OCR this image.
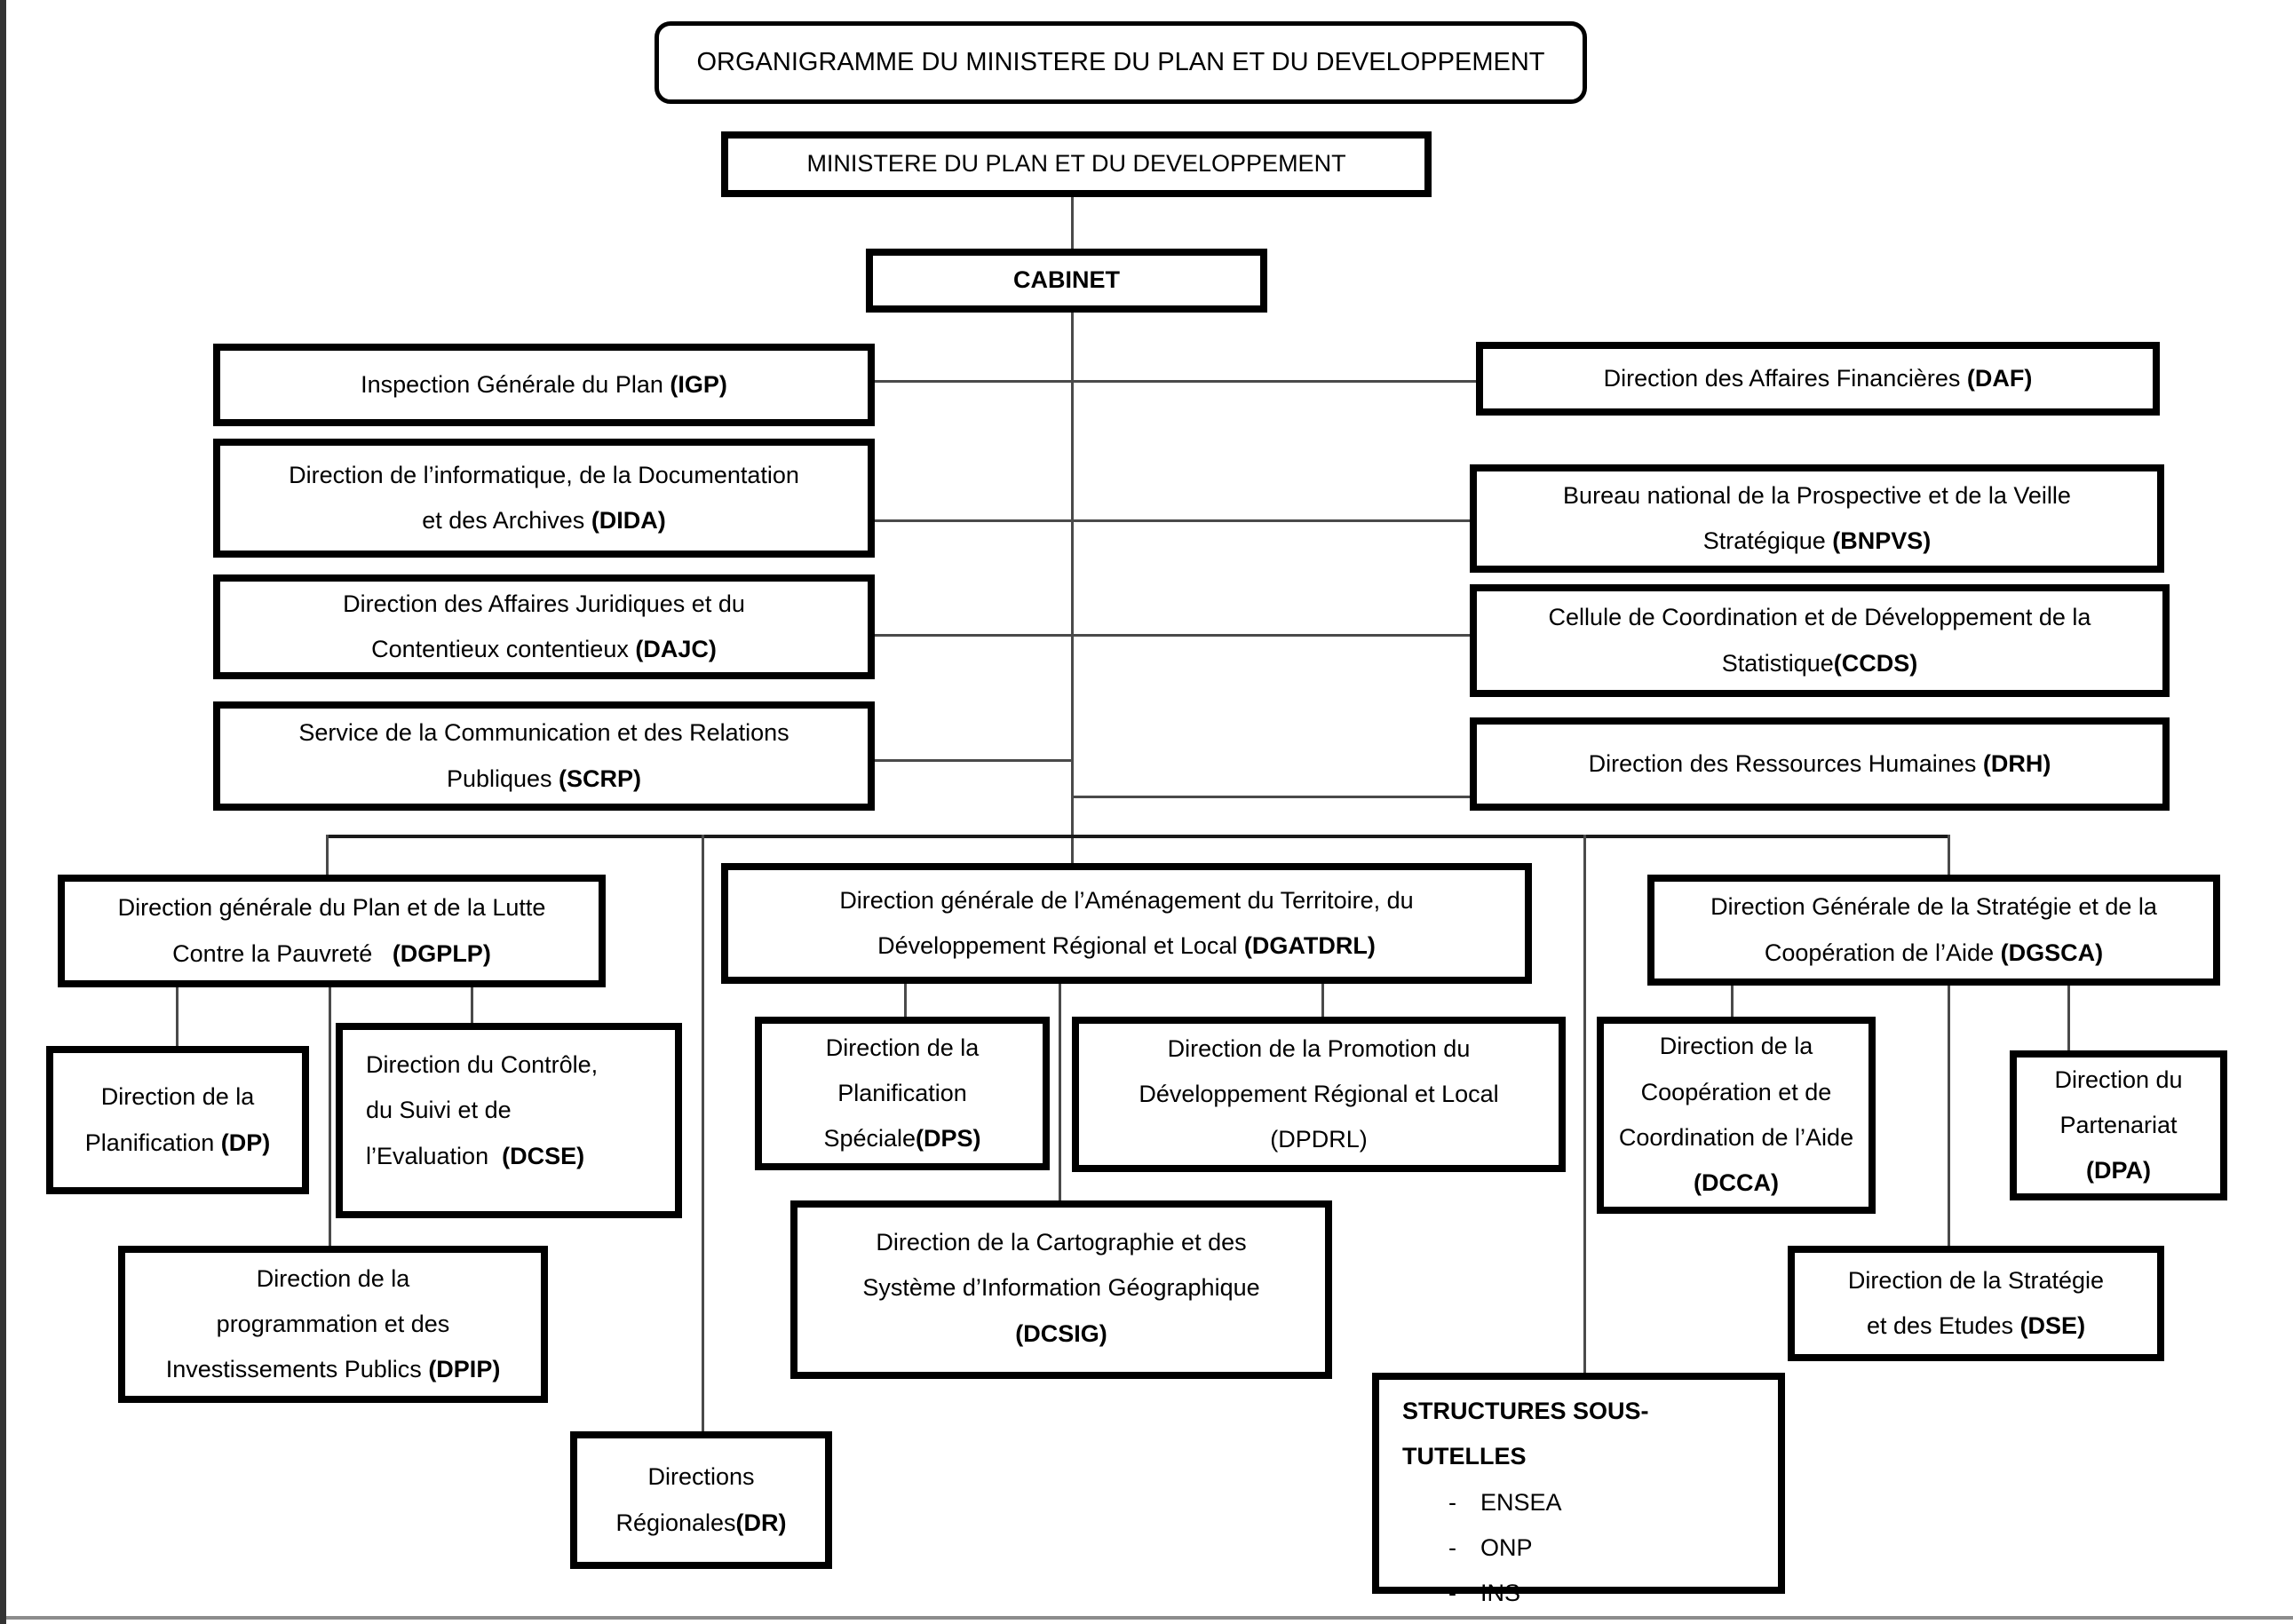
ORGANIGRAMME DU MINISTERE DU PLAN ET DU DEVELOPPEMENT
MINISTERE DU PLAN ET DU DEVELOPPEMENT
CABINET
Inspection Générale du Plan (IGP)
Direction de l’informatique, de la Documentation
et des Archives (DIDA)
Direction des Affaires Juridiques et du
Contentieux contentieux (DAJC)
Service de la Communication et des Relations
Publiques (SCRP)
Direction des Affaires Financières (DAF)
Bureau national de la Prospective et de la Veille
Stratégique (BNPVS)
Cellule de Coordination et de Développement de la
Statistique(CCDS)
Direction des Ressources Humaines (DRH)
Direction générale du Plan et de la Lutte
Contre la Pauvreté   (DGPLP)
Direction générale de l’Aménagement du Territoire, du
Développement Régional et Local (DGATDRL)
Direction Générale de la Stratégie et de la
Coopération de l’Aide (DGSCA)
Direction de la
Planification (DP)
Direction du Contrôle,
du Suivi et de
l’Evaluation  (DCSE)
Direction de la
programmation et des
Investissements Publics (DPIP)
Directions
Régionales(DR)
Direction de la
Planification
Spéciale(DPS)
Direction de la Promotion du
Développement Régional et Local
(DPDRL)
Direction de la Cartographie et des
Système d’Information Géographique
(DCSIG)
Direction de la
Coopération et de
Coordination de l’Aide
(DCCA)
Direction du
Partenariat
(DPA)
Direction de la Stratégie
et des Etudes (DSE)
STRUCTURES SOUS-TUTELLES
- ENSEA
- ONP
- INS
